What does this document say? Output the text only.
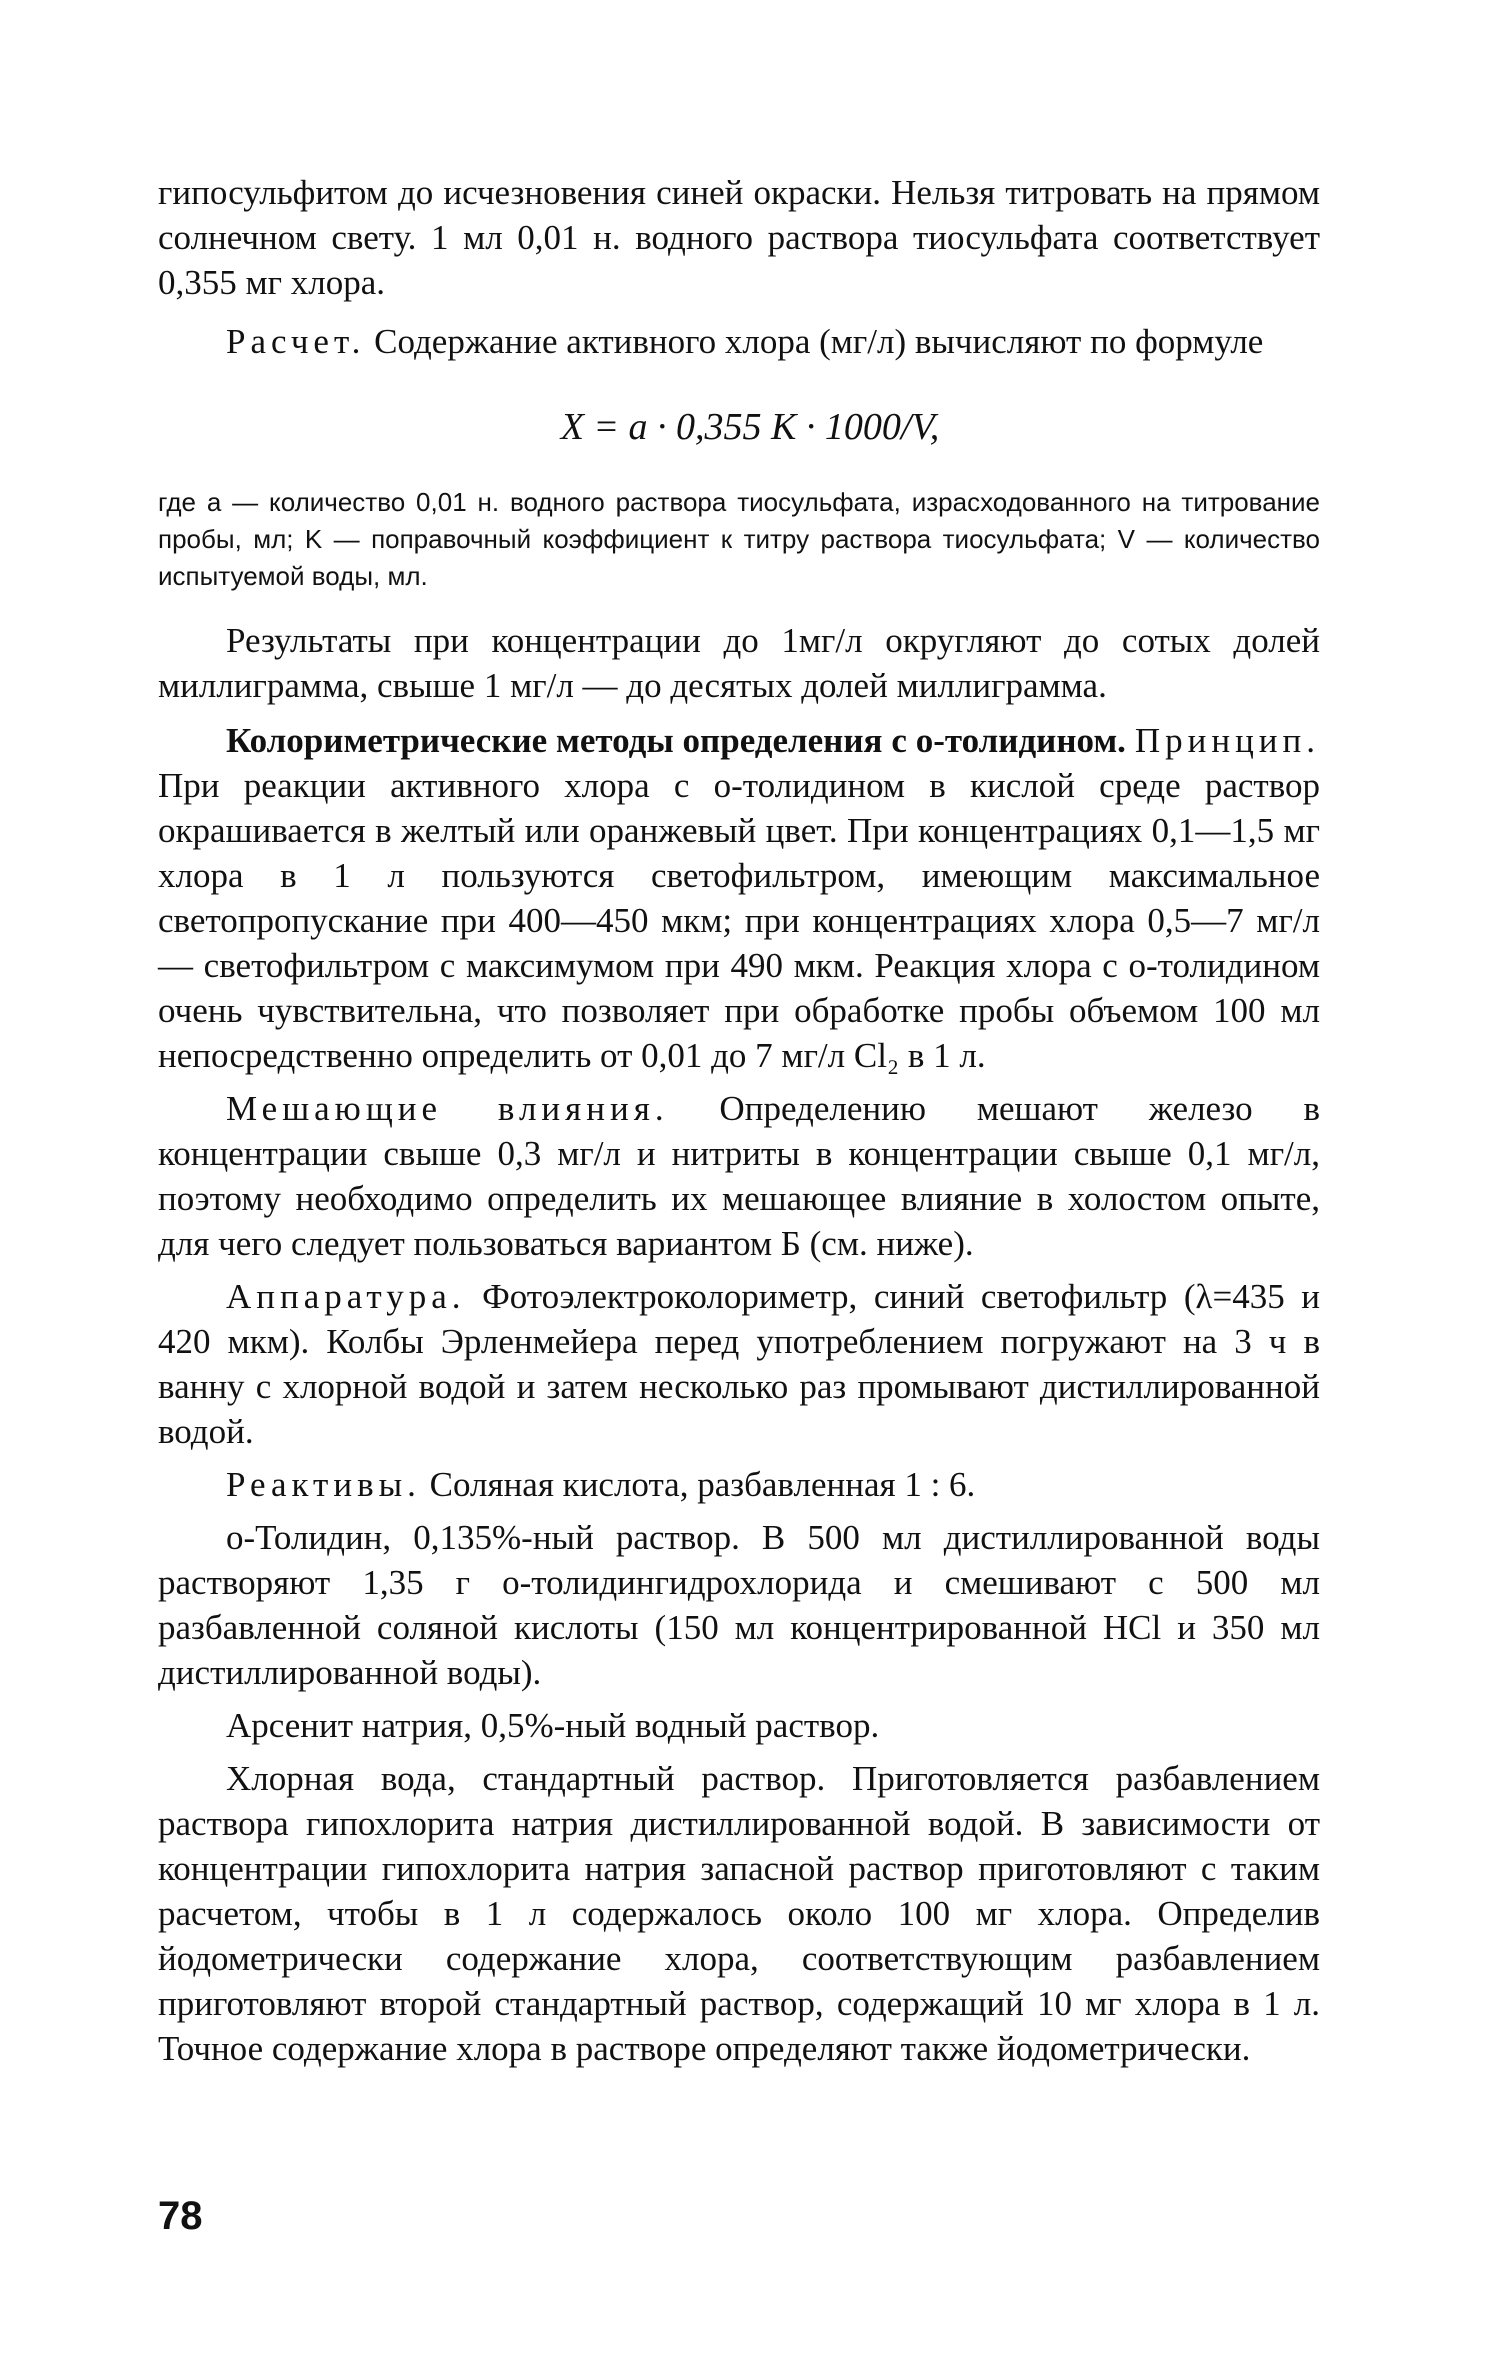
гипосульфитом до исчезновения синей окраски. Нельзя титровать на прямом солнечном свету. 1 мл 0,01 н. водного раствора тиосульфата соответствует 0,355 мг хлора.

Расчет. Содержание активного хлора (мг/л) вычисляют по формуле

X = a · 0,355 K · 1000/V,
где a — количество 0,01 н. водного раствора тиосульфата, израсходованного на титрование пробы, мл; K — поправочный коэффициент к титру раствора тиосульфата; V — количество испытуемой воды, мл.

Результаты при концентрации до 1мг/л округляют до сотых долей миллиграмма, свыше 1 мг/л — до десятых долей миллиграмма.

Колориметрические методы определения с о-толидином. Принцип. При реакции активного хлора с о-толидином в кислой среде раствор окрашивается в желтый или оранжевый цвет. При концентрациях 0,1—1,5 мг хлора в 1 л пользуются светофильтром, имеющим максимальное светопропускание при 400—450 мкм; при концентрациях хлора 0,5—7 мг/л — светофильтром с максимумом при 490 мкм. Реакция хлора с о-толидином очень чувствительна, что позволяет при обработке пробы объемом 100 мл непосредственно определить от 0,01 до 7 мг/л Cl₂ в 1 л.

Мешающие влияния. Определению мешают железо в концентрации свыше 0,3 мг/л и нитриты в концентрации свыше 0,1 мг/л, поэтому необходимо определить их мешающее влияние в холостом опыте, для чего следует пользоваться вариантом Б (см. ниже).

Аппаратура. Фотоэлектроколориметр, синий светофильтр (λ=435 и 420 мкм). Колбы Эрленмейера перед употреблением погружают на 3 ч в ванну с хлорной водой и затем несколько раз промывают дистиллированной водой.

Реактивы. Соляная кислота, разбавленная 1 : 6.

о-Толидин, 0,135%-ный раствор. В 500 мл дистиллированной воды растворяют 1,35 г о-толидингидрохлорида и смешивают с 500 мл разбавленной соляной кислоты (150 мл концентрированной HCl и 350 мл дистиллированной воды).

Арсенит натрия, 0,5%-ный водный раствор.

Хлорная вода, стандартный раствор. Приготовляется разбавлением раствора гипохлорита натрия дистиллированной водой. В зависимости от концентрации гипохлорита натрия запасной раствор приготовляют с таким расчетом, чтобы в 1 л содержалось около 100 мг хлора. Определив йодометрически содержание хлора, соответствующим разбавлением приготовляют второй стандартный раствор, содержащий 10 мг хлора в 1 л. Точное содержание хлора в растворе определяют также йодометрически.

78
